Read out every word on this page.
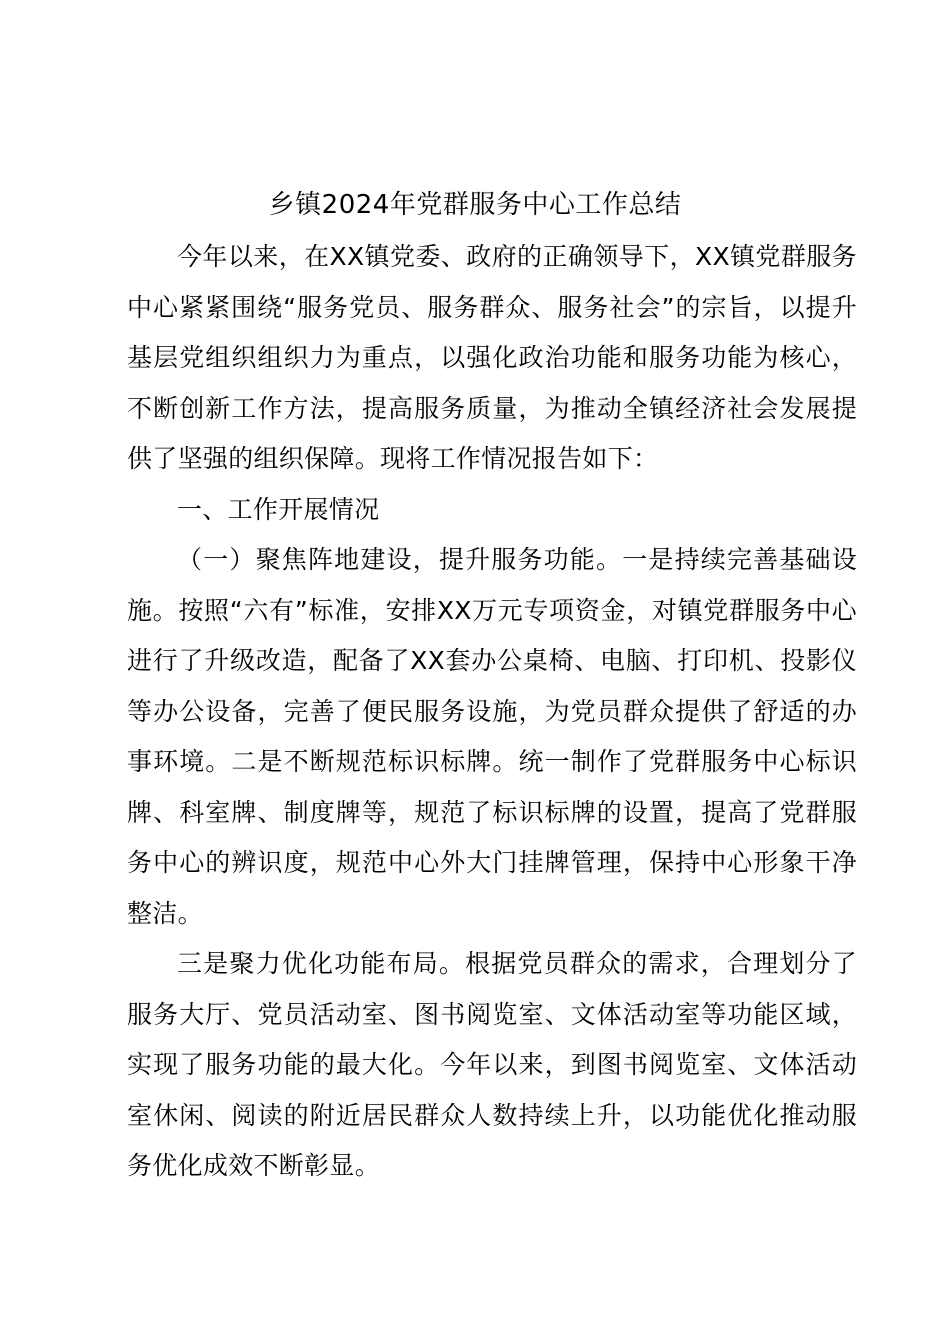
乡镇2024年党群服务中心工作总结

今年以来，在XX镇党委、政府的正确领导下，XX镇党群服务中心紧紧围绕“服务党员、服务群众、服务社会”的宗旨，以提升基层党组织组织力为重点，以强化政治功能和服务功能为核心，不断创新工作方法，提高服务质量，为推动全镇经济社会发展提供了坚强的组织保障。现将工作情况报告如下：

一、工作开展情况

（一）聚焦阵地建设，提升服务功能。一是持续完善基础设施。按照“六有”标准，安排XX万元专项资金，对镇党群服务中心进行了升级改造，配备了XX套办公桌椅、电脑、打印机、投影仪等办公设备，完善了便民服务设施，为党员群众提供了舒适的办事环境。二是不断规范标识标牌。统一制作了党群服务中心标识牌、科室牌、制度牌等，规范了标识标牌的设置，提高了党群服务中心的辨识度，规范中心外大门挂牌管理，保持中心形象干净整洁。

三是聚力优化功能布局。根据党员群众的需求，合理划分了服务大厅、党员活动室、图书阅览室、文体活动室等功能区域，实现了服务功能的最大化。今年以来，到图书阅览室、文体活动室休闲、阅读的附近居民群众人数持续上升，以功能优化推动服务优化成效不断彰显。
